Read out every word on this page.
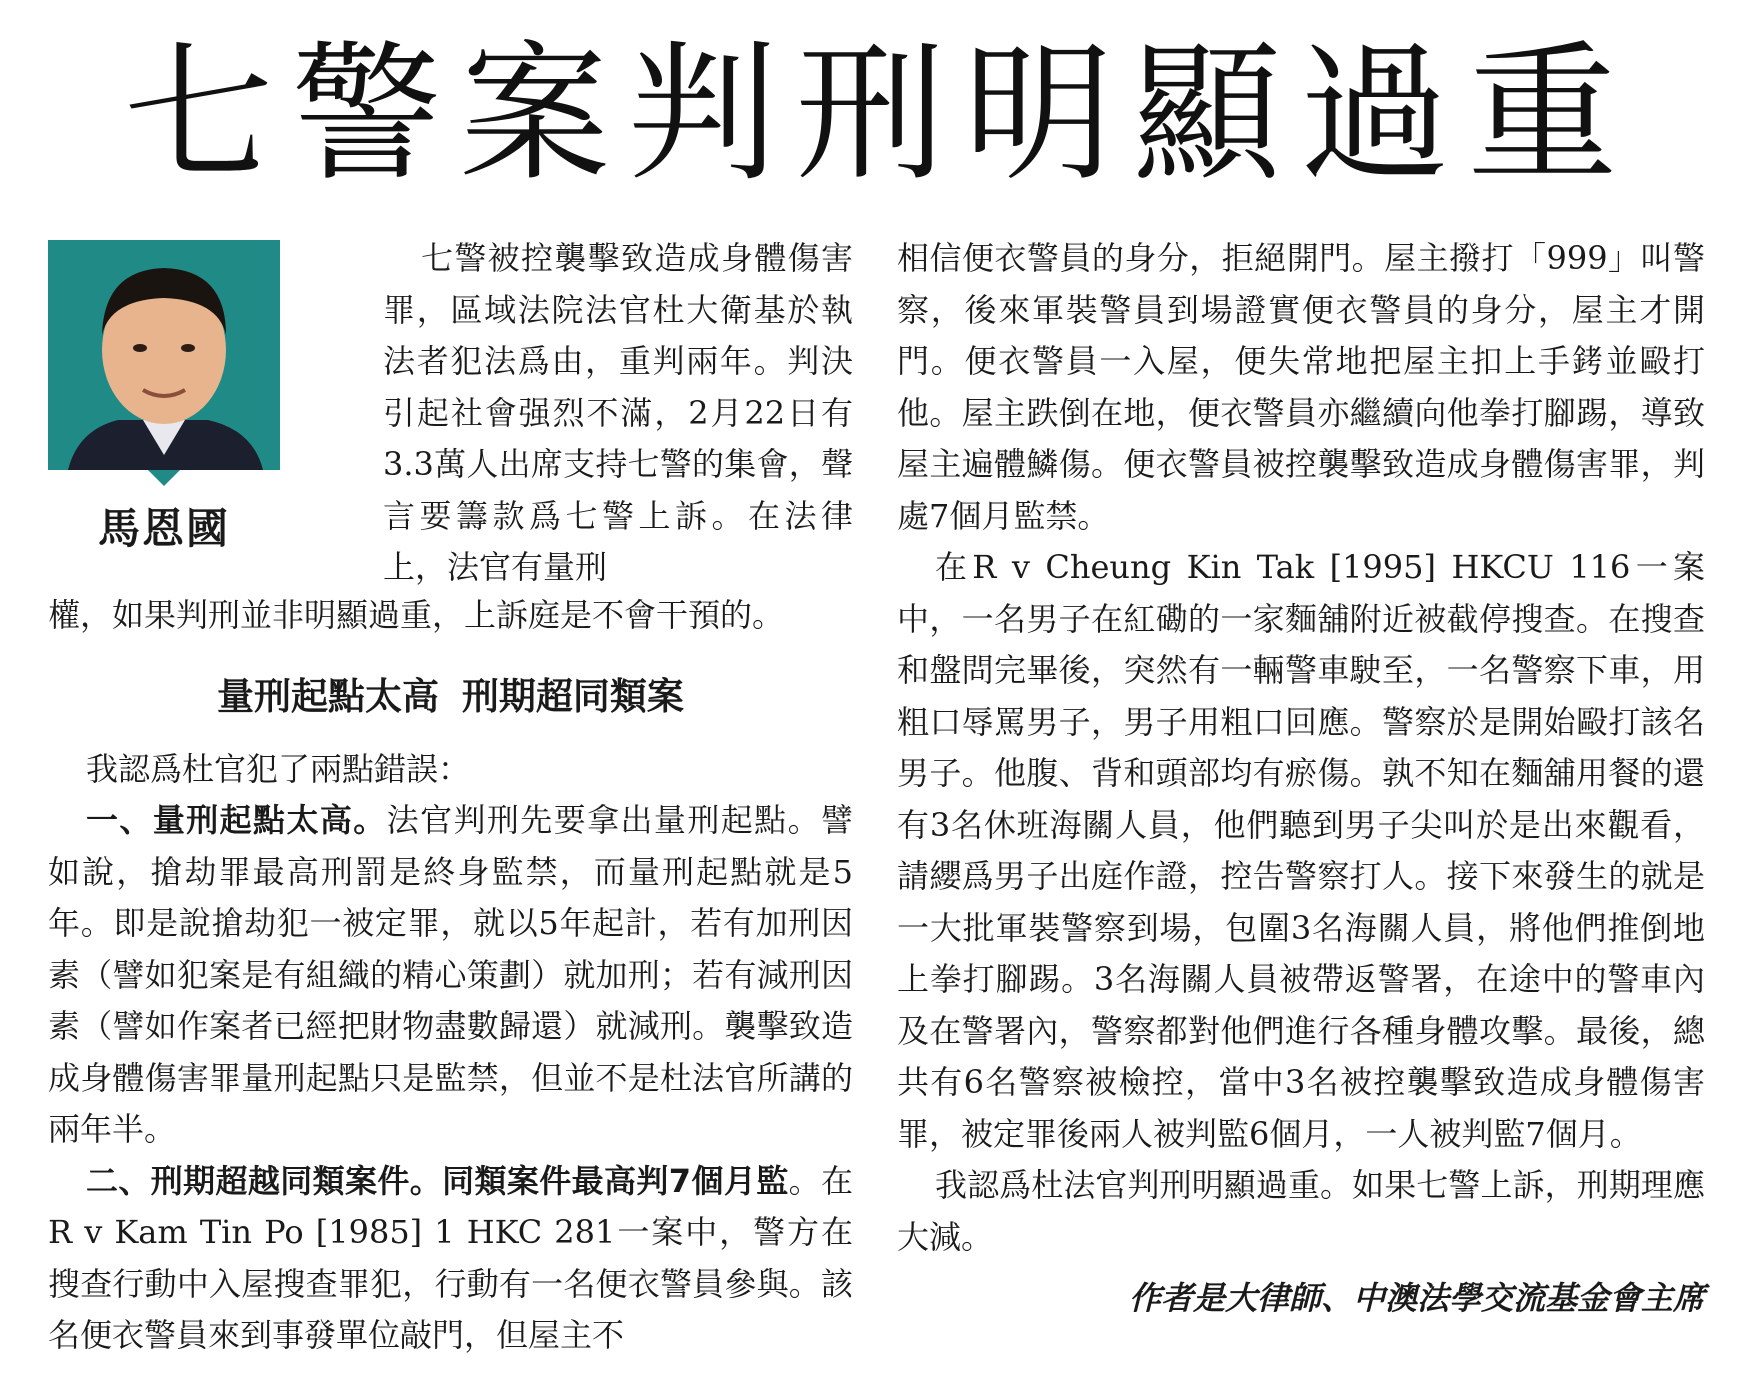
七警案判刑明顯過重
馬恩國

七警被控襲擊致造成身體傷害罪，區域法院法官杜大衛基於執法者犯法爲由，重判兩年。判決引起社會强烈不滿，2月22日有3.3萬人出席支持七警的集會，聲言要籌款爲七警上訴。在法律上，法官有量刑

權，如果判刑並非明顯過重，上訴庭是不會干預的。

量刑起點太高 刑期超同類案

我認爲杜官犯了兩點錯誤：

一、量刑起點太高。法官判刑先要拿出量刑起點。譬如說，搶劫罪最高刑罰是終身監禁，而量刑起點就是5年。即是說搶劫犯一被定罪，就以5年起計，若有加刑因素（譬如犯案是有組織的精心策劃）就加刑；若有減刑因素（譬如作案者已經把財物盡數歸還）就減刑。襲擊致造成身體傷害罪量刑起點只是監禁，但並不是杜法官所講的兩年半。

二、刑期超越同類案件。同類案件最高判7個月監。在R v Kam Tin Po [1985] 1 HKC 281一案中，警方在搜查行動中入屋搜查罪犯，行動有一名便衣警員參與。該名便衣警員來到事發單位敲門，但屋主不

相信便衣警員的身分，拒絕開門。屋主撥打「999」叫警察，後來軍裝警員到場證實便衣警員的身分，屋主才開門。便衣警員一入屋，便失常地把屋主扣上手銬並毆打他。屋主跌倒在地，便衣警員亦繼續向他拳打腳踢，導致屋主遍體鱗傷。便衣警員被控襲擊致造成身體傷害罪，判處7個月監禁。

在R v Cheung Kin Tak [1995] HKCU 116一案中，一名男子在紅磡的一家麵舖附近被截停搜查。在搜查和盤問完畢後，突然有一輛警車駛至，一名警察下車，用粗口辱罵男子，男子用粗口回應。警察於是開始毆打該名男子。他腹、背和頭部均有瘀傷。孰不知在麵舖用餐的還有3名休班海關人員，他們聽到男子尖叫於是出來觀看，請纓爲男子出庭作證，控告警察打人。接下來發生的就是一大批軍裝警察到場，包圍3名海關人員，將他們推倒地上拳打腳踢。3名海關人員被帶返警署，在途中的警車內及在警署內，警察都對他們進行各種身體攻擊。最後，總共有6名警察被檢控，當中3名被控襲擊致造成身體傷害罪，被定罪後兩人被判監6個月，一人被判監7個月。

我認爲杜法官判刑明顯過重。如果七警上訴，刑期理應大減。

作者是大律師、中澳法學交流基金會主席
